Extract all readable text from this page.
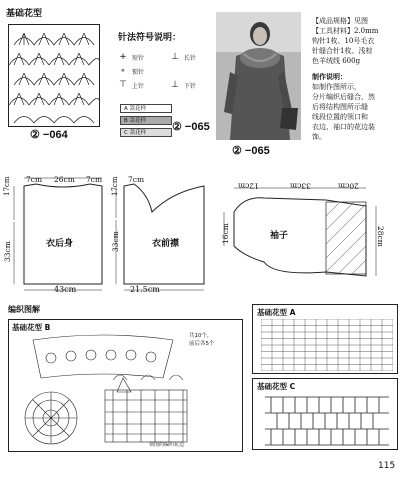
基础花型
② −064
针法符号说明：
+ 短针
∘	锁针
⊤ 上针
⊥ 长针
⊥ 下针
A 款花样
B 款花样
C 款花样	② −065
② −065

【成品规格】见图

【工具材料】2.0mm

钩针1枚、10号毛衣

针缝合针1枚、浅棕

色羊绒线 600g

制作说明：

如制作图所示，

分片编织后缝合，然

后将结构图所示缝

线段位置的领口和

衣边、袖口的花边装

饰。

7cm 26cm 7cm
17cm
33cm	衣后身
43cm
7cm
17cm
33cm	衣前襟
21.5cm
12cm	33cm	20cm
16cm	袖子	28cm
编织图解
基础花型 B
共10个,
前后各5个
领围的编织花边
基础花型 A
基础花型 C
115
